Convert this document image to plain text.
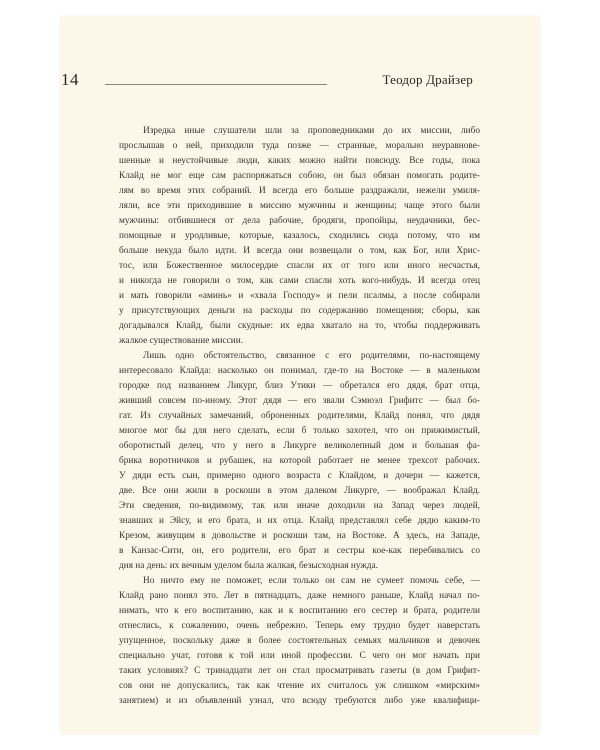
14	Теодор Драйзер
Изредка иные слушатели шли за проповедниками до их миссии, либо
прослышав о ней, приходили туда позже — странные, морально неуравнове-
шенные и неустойчивые люди, каких можно найти повсюду. Все годы, пока
Клайд не мог еще сам распоряжаться собою, он был обязан помогать родите-
лям во время этих собраний. И всегда его больше раздражали, нежели умиля-
ляли, все эти приходившие в миссию мужчины и женщины; чаще этого были
мужчины: отбившиеся от дела рабочие, бродяги, пропойцы, неудачники, бес-
помощные и уродливые, которые, казалось, сходились сюда потому, что им
больше некуда было идти. И всегда они возвещали о том, как Бог, или Хрис-
тос, или Божественное милосердие спасли их от того или иного несчастья,
и никогда не говорили о том, как сами спасли хоть кого-нибудь. И всегда отец
и мать говорили «аминь» и «хвала Господу» и пели псалмы, а после собирали
у присутствующих деньги на расходы по содержанию помещения; сборы, как
догадывался Клайд, были скудные: их едва хватало на то, чтобы поддерживать
жалкое существование миссии.
Лишь одно обстоятельство, связанное с его родителями, по-настоящему
интересовало Клайда: насколько он понимал, где-то на Востоке — в маленьком
городке под названием Ликург, близ Утики — обретался его дядя, брат отца,
живший совсем по-иному. Этот дядя — его звали Сэмюэл Грифитс — был бо-
гат. Из случайных замечаний, оброненных родителями, Клайд понял, что дядя
многое мог бы для него сделать, если б только захотел, что он прижимистый,
оборотистый делец, что у него в Ликурге великолепный дом и большая фа-
брика воротничков и рубашек, на которой работает не менее трехсот рабочих.
У дяди есть сын, примерно одного возраста с Клайдом, и дочери — кажется,
две. Все они жили в роскоши в этом далеком Ликурге, — воображал Клайд.
Эти сведения, по-видимому, так или иначе доходили на Запад через людей,
знавших и Эйсу, и его брата, и их отца. Клайд представлял себе дядю каким-то
Крезом, живущим в довольстве и роскоши там, на Востоке. А здесь, на Западе,
в Канзас-Сити, он, его родители, его брат и сестры кое-как перебивались со
дня на день: их вечным уделом была жалкая, безысходная нужда.
Но ничто ему не поможет, если только он сам не сумеет помочь себе, —
Клайд рано понял это. Лет в пятнадцать, даже немного раньше, Клайд начал по-
нимать, что к его воспитанию, как и к воспитанию его сестер и брата, родители
отнеслись, к сожалению, очень небрежно. Теперь ему трудно будет наверстать
упущенное, поскольку даже в более состоятельных семьях мальчиков и девочек
специально учат, готовя к той или иной профессии. С чего он мог начать при
таких условиях? С тринадцати лет он стал просматривать газеты (в дом Грифит-
сов они не допускались, так как чтение их считалось уж слишком «мирским»
занятием) и из объявлений узнал, что всюду требуются либо уже квалифици-
